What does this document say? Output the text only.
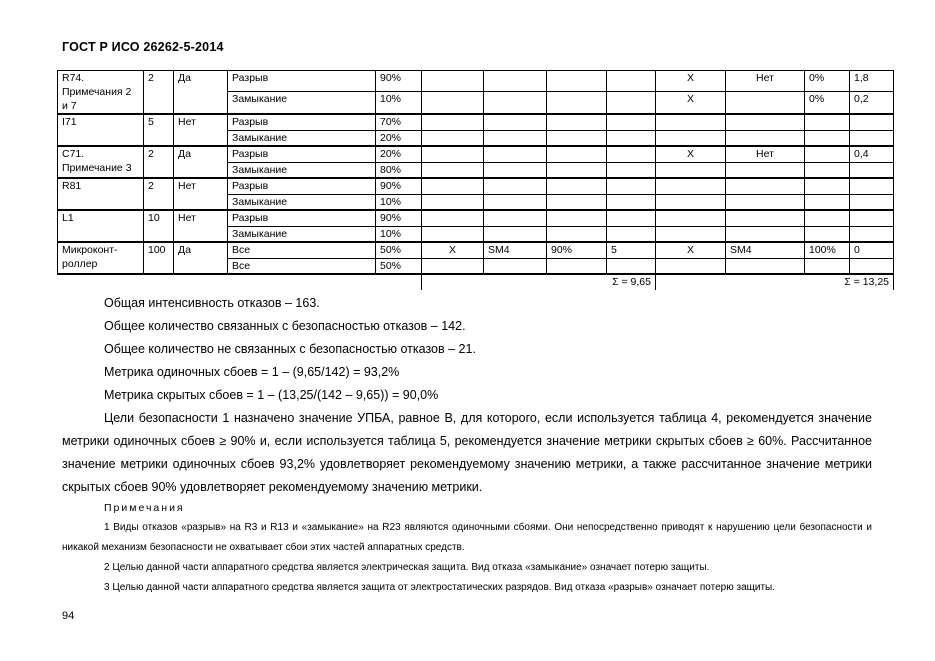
ГОСТ Р ИСО 26262-5-2014
R74. Примечания 2 и 7	2	Да	Разрыв	90%					X	Нет	0%	1,8
			Замыкание	10%					X		0%	0,2
I71	5	Нет	Разрыв	70%								
			Замыкание	20%								
C71. Примечание 3	2	Да	Разрыв	20%					X	Нет		0,4
			Замыкание	80%								
R81	2	Нет	Разрыв	90%								
			Замыкание	10%								
L1	10	Нет	Разрыв	90%								
			Замыкание	10%								
Микроконт-роллер	100	Да	Все	50%	X	SM4	90%	5	X	SM4	100%	0
			Все	50%								
					Σ = 9,65				Σ = 13,25			

Общая интенсивность отказов – 163.

Общее количество связанных с безопасностью отказов – 142.

Общее количество не связанных с безопасностью отказов – 21.

Метрика одиночных сбоев = 1 – (9,65/142) = 93,2%

Метрика скрытых сбоев = 1 – (13,25/(142 – 9,65)) = 90,0%

Цели безопасности 1 назначено значение УПБА, равное В, для которого, если используется таблица 4, рекомендуется значение метрики одиночных сбоев ≥ 90% и, если используется таблица 5, рекомендуется значение метрики скрытых сбоев ≥ 60%. Рассчитанное значение метрики одиночных сбоев 93,2% удовлетворяет рекомендуемому значению метрики, а также рассчитанное значение метрики скрытых сбоев 90% удовлетворяет рекомендуемому значению метрики.

Примечания

1 Виды отказов «разрыв» на R3 и R13 и «замыкание» на R23 являются одиночными сбоями. Они непосредственно приводят к нарушению цели безопасности и никакой механизм безопасности не охватывает сбои этих частей аппаратных средств.

2 Целью данной части аппаратного средства является электрическая защита. Вид отказа «замыкание» означает потерю защиты.

3 Целью данной части аппаратного средства является защита от электростатических разрядов. Вид отказа «разрыв» означает потерю защиты.

94
